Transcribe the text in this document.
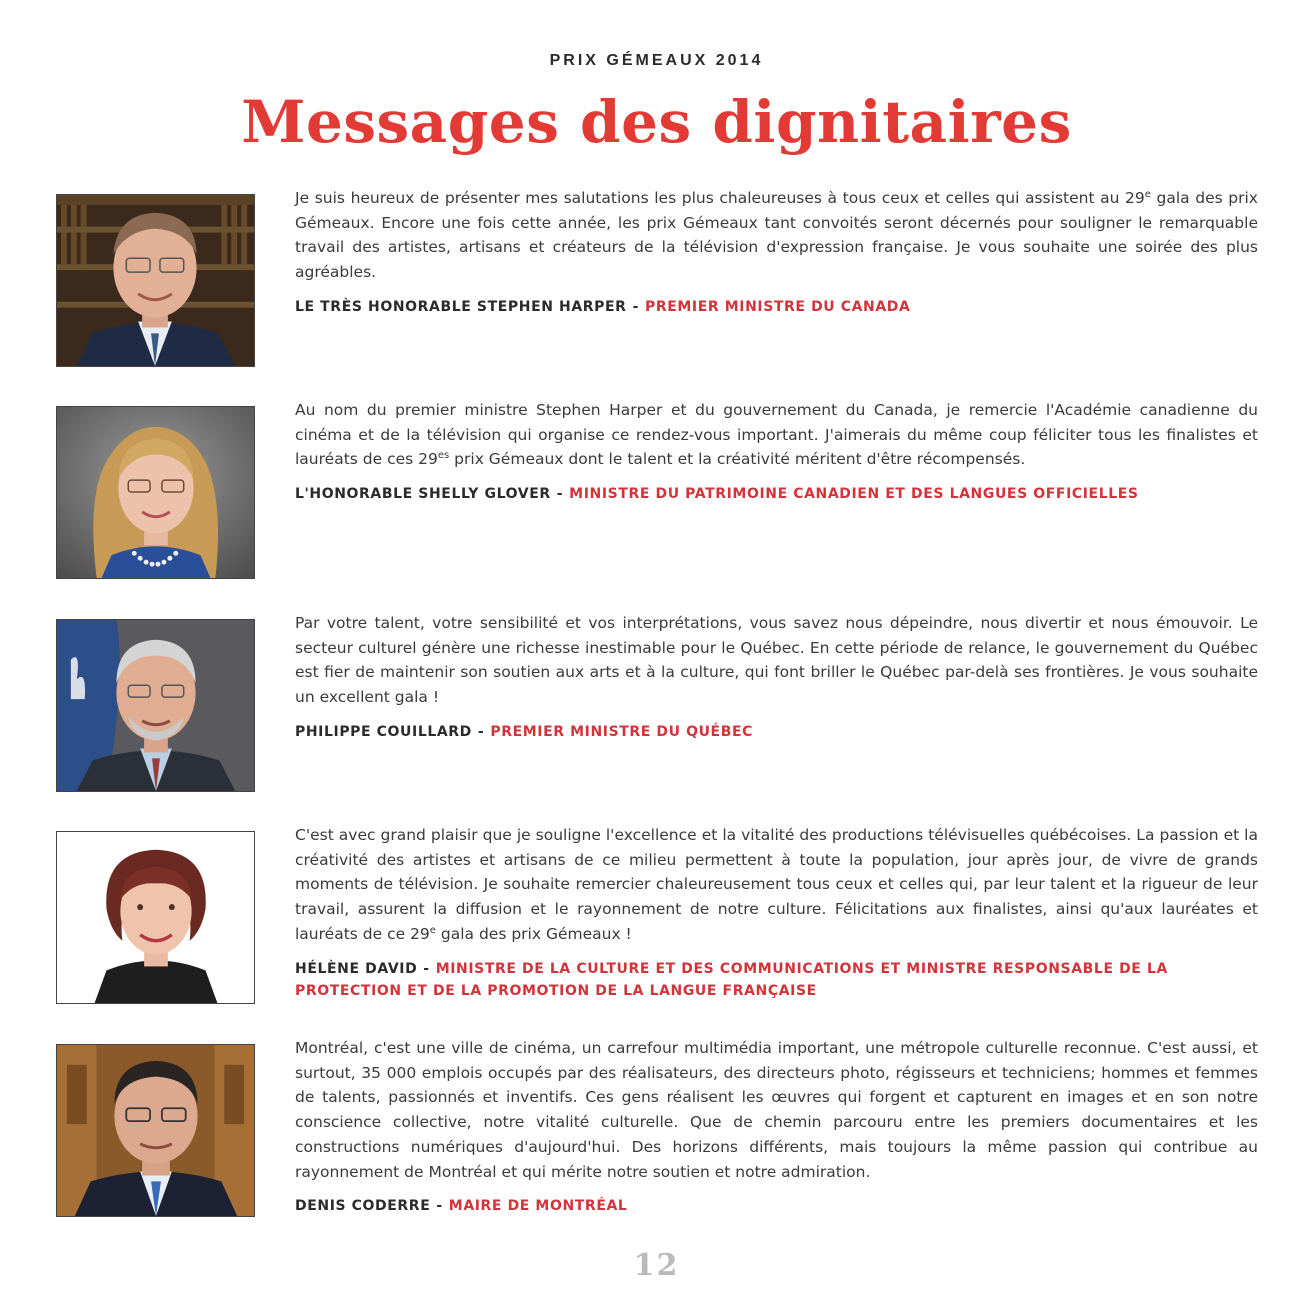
PRIX GÉMEAUX 2014
Messages des dignitaires

Je suis heureux de présenter mes salutations les plus chaleureuses à tous ceux et celles qui assistent au 29e gala des prix Gémeaux. Encore une fois cette année, les prix Gémeaux tant convoités seront décernés pour souligner le remarquable travail des artistes, artisans et créateurs de la télévision d'expression française. Je vous souhaite une soirée des plus agréables.

LE TRÈS HONORABLE STEPHEN HARPER - PREMIER MINISTRE DU CANADA

Au nom du premier ministre Stephen Harper et du gouvernement du Canada, je remercie l'Académie canadienne du cinéma et de la télévision qui organise ce rendez-vous important. J'aimerais du même coup féliciter tous les finalistes et lauréats de ces $29^{es}$ prix Gémeaux dont le talent et la créativité méritent d'être récompensés.

L'HONORABLE SHELLY GLOVER - MINISTRE DU PATRIMOINE CANADIEN ET DES LANGUES OFFICIELLES

Par votre talent, votre sensibilité et vos interprétations, vous savez nous dépeindre, nous divertir et nous émouvoir. Le secteur culturel génère une richesse inestimable pour le Québec. En cette période de relance, le gouvernement du Québec est fier de maintenir son soutien aux arts et à la culture, qui font briller le Québec par-delà ses frontières. Je vous souhaite un excellent gala !

PHILIPPE COUILLARD - PREMIER MINISTRE DU QUÉBEC

C'est avec grand plaisir que je souligne l'excellence et la vitalité des productions télévisuelles québécoises. La passion et la créativité des artistes et artisans de ce milieu permettent à toute la population, jour après jour, de vivre de grands moments de télévision. Je souhaite remercier chaleureusement tous ceux et celles qui, par leur talent et la rigueur de leur travail, assurent la diffusion et le rayonnement de notre culture. Félicitations aux finalistes, ainsi qu'aux lauréates et lauréats de ce 29e gala des prix Gémeaux !

HÉLÈNE DAVID - MINISTRE DE LA CULTURE ET DES COMMUNICATIONS ET MINISTRE RESPONSABLE DE LA PROTECTION ET DE LA PROMOTION DE LA LANGUE FRANÇAISE

Montréal, c'est une ville de cinéma, un carrefour multimédia important, une métropole culturelle reconnue. C'est aussi, et surtout, 35 000 emplois occupés par des réalisateurs, des directeurs photo, régisseurs et techniciens; hommes et femmes de talents, passionnés et inventifs. Ces gens réalisent les œuvres qui forgent et capturent en images et en son notre conscience collective, notre vitalité culturelle. Que de chemin parcouru entre les premiers documentaires et les constructions numériques d'aujourd'hui. Des horizons différents, mais toujours la même passion qui contribue au rayonnement de Montréal et qui mérite notre soutien et notre admiration.

DENIS CODERRE - MAIRE DE MONTRÉAL
12
